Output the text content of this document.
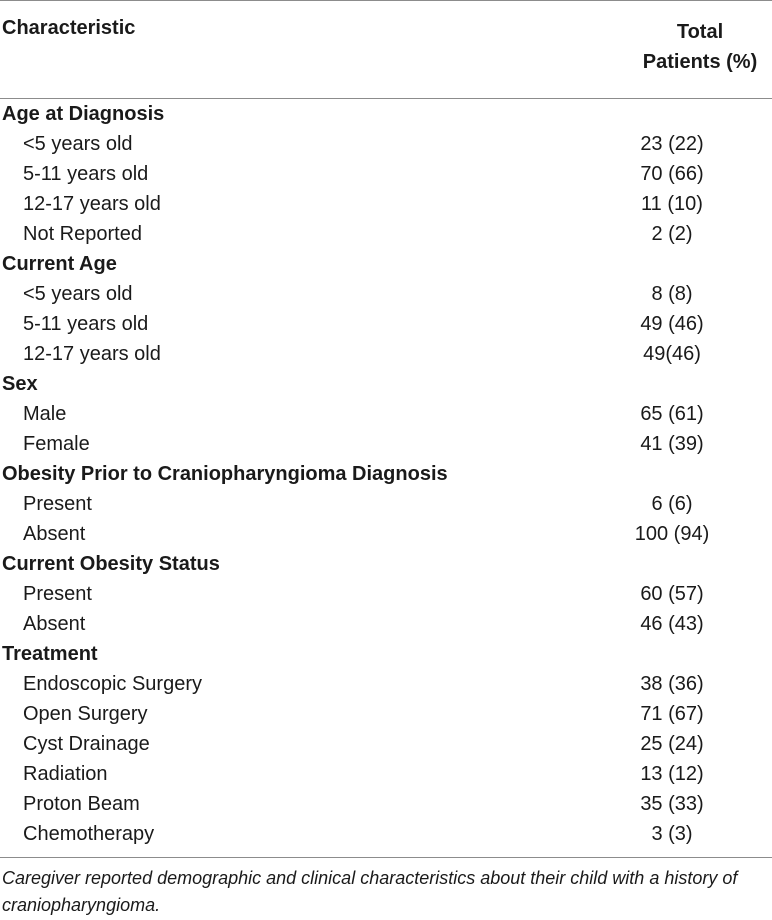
Characteristic	Total
Patients (%)
Age at Diagnosis
<5 years old	23 (22)
5-11 years old	70 (66)
12-17 years old	11 (10)
Not Reported	2 (2)
Current Age
<5 years old	8 (8)
5-11 years old	49 (46)
12-17 years old	49(46)
Sex
Male	65 (61)
Female	41 (39)
Obesity Prior to Craniopharyngioma Diagnosis
Present	6 (6)
Absent	100 (94)
Current Obesity Status
Present	60 (57)
Absent	46 (43)
Treatment
Endoscopic Surgery	38 (36)
Open Surgery	71 (67)
Cyst Drainage	25 (24)
Radiation	13 (12)
Proton Beam	35 (33)
Chemotherapy	3 (3)
Caregiver reported demographic and clinical characteristics about their child with a history of craniopharyngioma.
